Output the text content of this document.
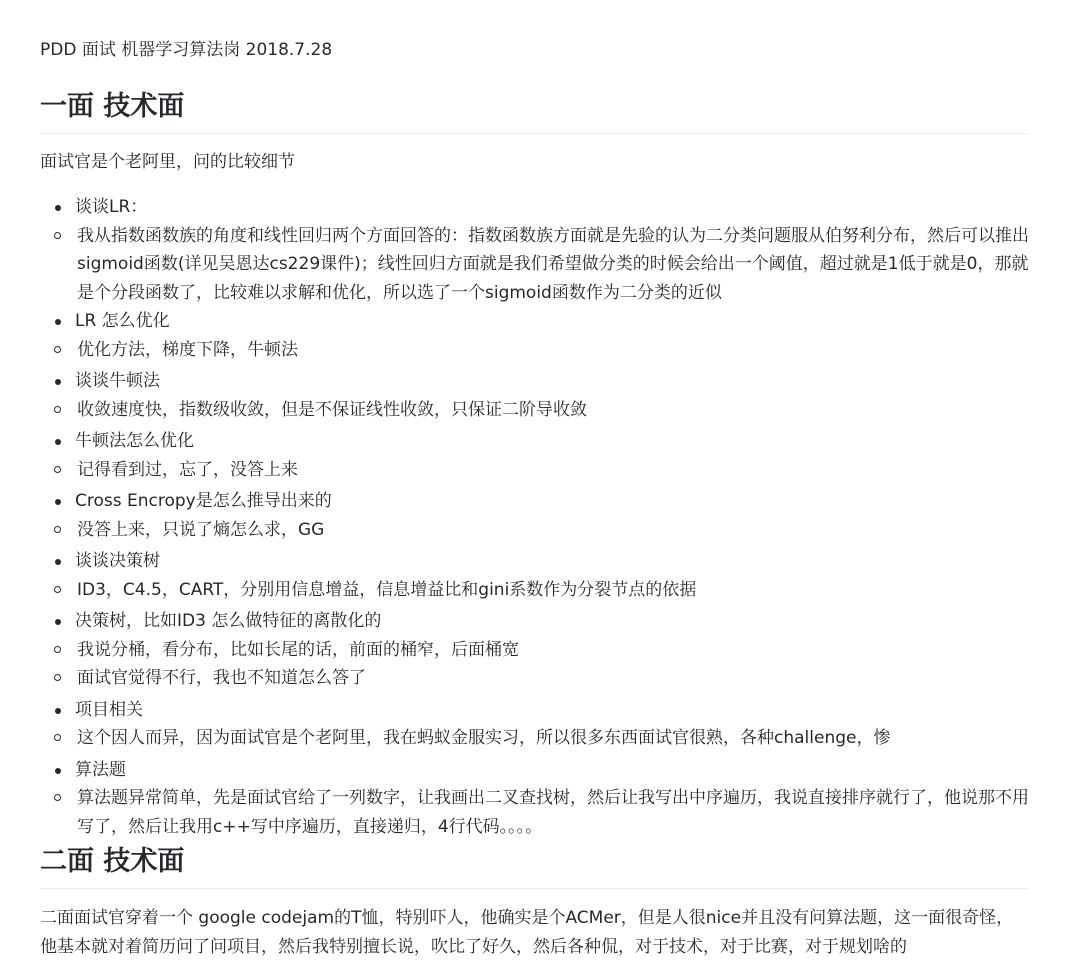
PDD 面试 机器学习算法岗 2018.7.28
一面 技术面
面试官是个老阿里，问的比较细节
谈谈LR：
我从指数函数族的角度和线性回归两个方面回答的：指数函数族方面就是先验的认为二分类问题服从伯努利分布，然后可以推出sigmoid函数(详见吴恩达cs229课件)；线性回归方面就是我们希望做分类的时候会给出一个阈值，超过就是1低于就是0，那就是个分段函数了，比较难以求解和优化，所以选了一个sigmoid函数作为二分类的近似
LR 怎么优化
优化方法，梯度下降，牛顿法
谈谈牛顿法
收敛速度快，指数级收敛，但是不保证线性收敛，只保证二阶导收敛
牛顿法怎么优化
记得看到过，忘了，没答上来
Cross Encropy是怎么推导出来的
没答上来，只说了熵怎么求，GG
谈谈决策树
ID3，C4.5，CART，分别用信息增益，信息增益比和gini系数作为分裂节点的依据
决策树，比如ID3 怎么做特征的离散化的
我说分桶，看分布，比如长尾的话，前面的桶窄，后面桶宽
面试官觉得不行，我也不知道怎么答了
项目相关
这个因人而异，因为面试官是个老阿里，我在蚂蚁金服实习，所以很多东西面试官很熟，各种challenge，惨
算法题
算法题异常简单，先是面试官给了一列数字，让我画出二叉查找树，然后让我写出中序遍历，我说直接排序就行了，他说那不用写了，然后让我用c++写中序遍历，直接递归，4行代码。。。。
二面 技术面
二面面试官穿着一个 google codejam的T恤，特别吓人，他确实是个ACMer，但是人很nice并且没有问算法题，这一面很奇怪，他基本就对着简历问了问项目，然后我特别擅长说，吹比了好久，然后各种侃，对于技术，对于比赛，对于规划啥的
